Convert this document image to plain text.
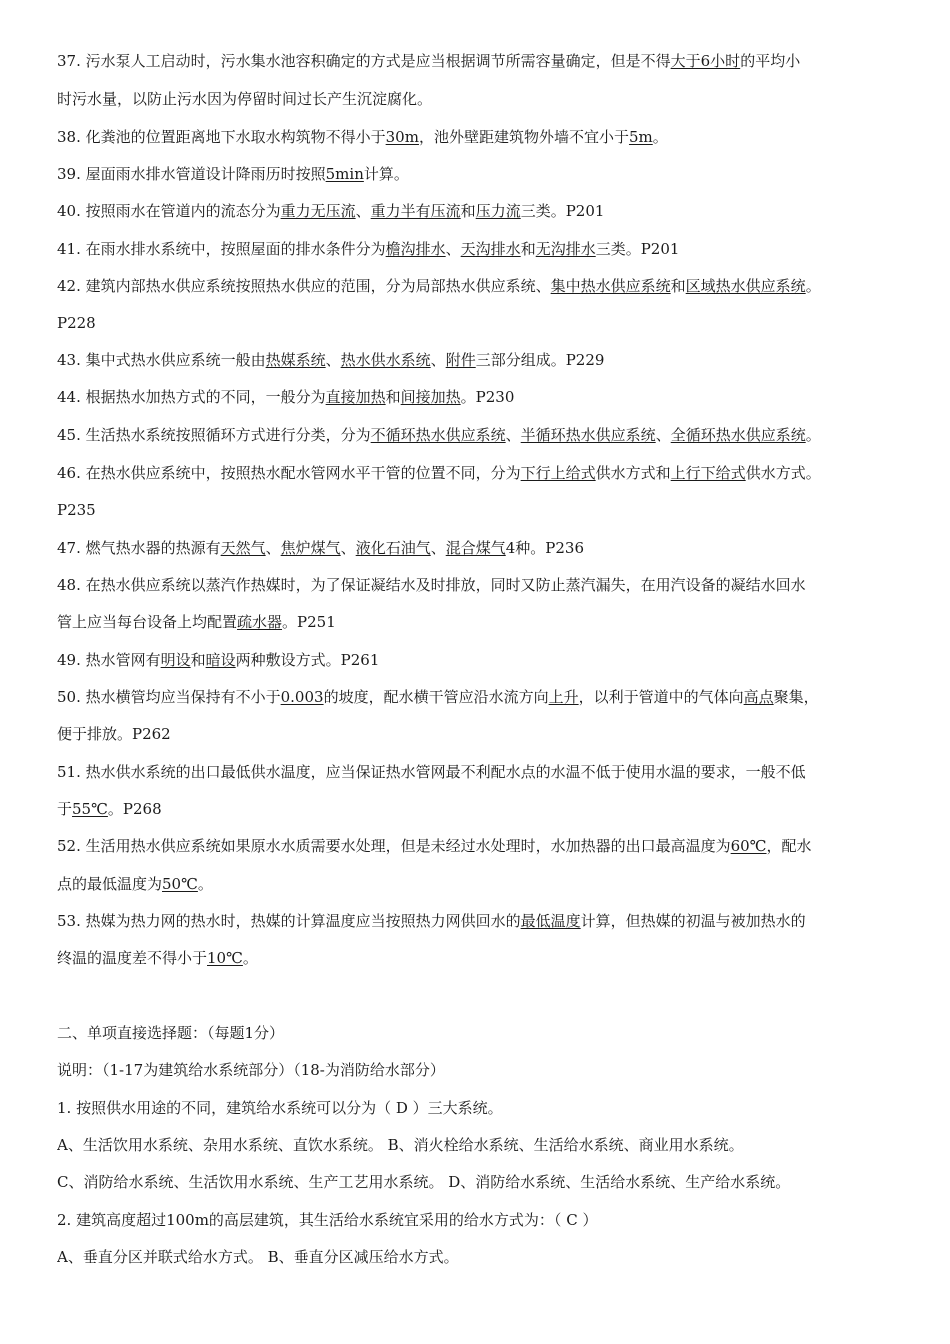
37. 污水泵人工启动时，污水集水池容积确定的方式是应当根据调节所需容量确定，但是不得大于6小时的平均小
时污水量，以防止污水因为停留时间过长产生沉淀腐化。
38. 化粪池的位置距离地下水取水构筑物不得小于30m，池外壁距建筑物外墙不宜小于5m。
39. 屋面雨水排水管道设计降雨历时按照5min计算。
40. 按照雨水在管道内的流态分为重力无压流、重力半有压流和压力流三类。P201
41. 在雨水排水系统中，按照屋面的排水条件分为檐沟排水、天沟排水和无沟排水三类。P201
42. 建筑内部热水供应系统按照热水供应的范围，分为局部热水供应系统、集中热水供应系统和区域热水供应系统。
P228
43. 集中式热水供应系统一般由热媒系统、热水供水系统、附件三部分组成。P229
44. 根据热水加热方式的不同，一般分为直接加热和间接加热。P230
45. 生活热水系统按照循环方式进行分类，分为不循环热水供应系统、半循环热水供应系统、全循环热水供应系统。
46. 在热水供应系统中，按照热水配水管网水平干管的位置不同，分为下行上给式供水方式和上行下给式供水方式。
P235
47. 燃气热水器的热源有天然气、焦炉煤气、液化石油气、混合煤气4种。P236
48. 在热水供应系统以蒸汽作热媒时，为了保证凝结水及时排放，同时又防止蒸汽漏失，在用汽设备的凝结水回水
管上应当每台设备上均配置疏水器。P251
49. 热水管网有明设和暗设两种敷设方式。P261
50. 热水横管均应当保持有不小于0.003的坡度，配水横干管应沿水流方向上升，以利于管道中的气体向高点聚集，
便于排放。P262
51. 热水供水系统的出口最低供水温度，应当保证热水管网最不利配水点的水温不低于使用水温的要求，一般不低
于55℃。P268
52. 生活用热水供应系统如果原水水质需要水处理，但是未经过水处理时，水加热器的出口最高温度为60℃，配水
点的最低温度为50℃。
53. 热媒为热力网的热水时，热媒的计算温度应当按照热力网供回水的最低温度计算，但热媒的初温与被加热水的
终温的温度差不得小于10℃。
二、单项直接选择题：（每题1分）
说明：（1-17为建筑给水系统部分）（18-为消防给水部分）
1. 按照供水用途的不同，建筑给水系统可以分为（ D ）三大系统。
A、生活饮用水系统、杂用水系统、直饮水系统。 B、消火栓给水系统、生活给水系统、商业用水系统。
C、消防给水系统、生活饮用水系统、生产工艺用水系统。 D、消防给水系统、生活给水系统、生产给水系统。
2. 建筑高度超过100m的高层建筑，其生活给水系统宜采用的给水方式为：（ C ）
A、垂直分区并联式给水方式。 B、垂直分区减压给水方式。
